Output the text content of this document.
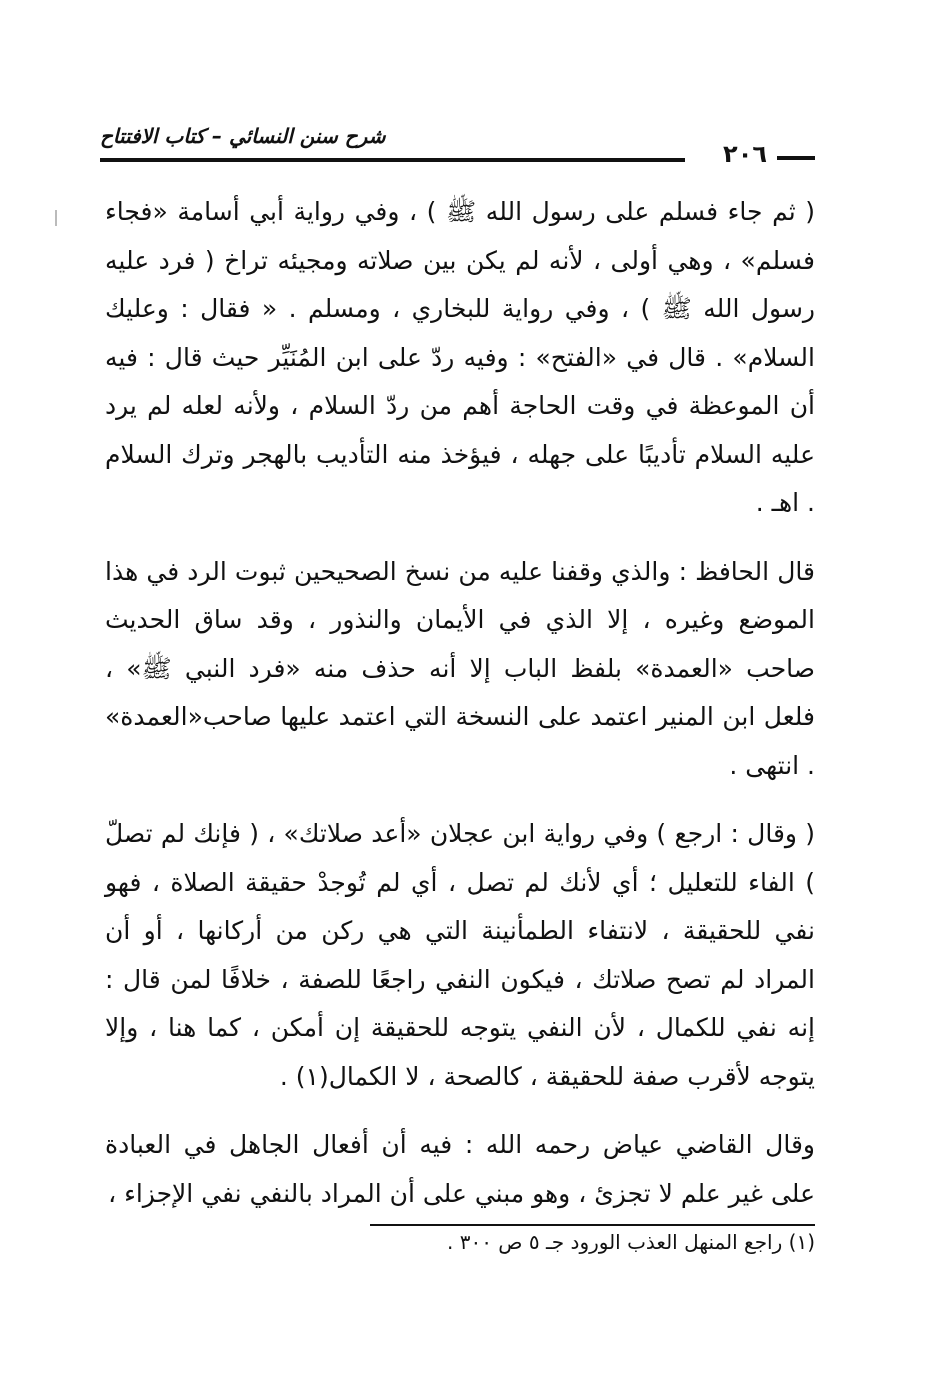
شرح سنن النسائي – كتاب الافتتاح
٢٠٦

( ثم جاء فسلم على رسول الله ﷺ ) ، وفي رواية أبي أسامة «فجاء فسلم» ، وهي أولى ، لأنه لم يكن بين صلاته ومجيئه تراخ ( فرد عليه رسول الله ﷺ ) ، وفي رواية للبخاري ، ومسلم . « فقال : وعليك السلام» . قال في «الفتح» : وفيه ردّ على ابن المُنَيِّر حيث قال : فيه أن الموعظة في وقت الحاجة أهم من ردّ السلام ، ولأنه لعله لم يرد عليه السلام تأديبًا على جهله ، فيؤخذ منه التأديب بالهجر وترك السلام . اهـ .

قال الحافظ : والذي وقفنا عليه من نسخ الصحيحين ثبوت الرد في هذا الموضع وغيره ، إلا الذي في الأيمان والنذور ، وقد ساق الحديث صاحب «العمدة» بلفظ الباب إلا أنه حذف منه «فرد النبي ﷺ» ، فلعل ابن المنير اعتمد على النسخة التي اعتمد عليها صاحب«العمدة» . انتهى .

( وقال : ارجع ) وفي رواية ابن عجلان «أعد صلاتك» ، ( فإنك لم تصلّ ) الفاء للتعليل ؛ أي لأنك لم تصل ، أي لم تُوجدْ حقيقة الصلاة ، فهو نفي للحقيقة ، لانتفاء الطمأنينة التي هي ركن من أركانها ، أو أن المراد لم تصح صلاتك ، فيكون النفي راجعًا للصفة ، خلافًا لمن قال : إنه نفي للكمال ، لأن النفي يتوجه للحقيقة إن أمكن ، كما هنا ، وإلا يتوجه لأقرب صفة للحقيقة ، كالصحة ، لا الكمال(١) .

وقال القاضي عياض رحمه الله : فيه أن أفعال الجاهل في العبادة على غير علم لا تجزئ ، وهو مبني على أن المراد بالنفي نفي الإجزاء ،

(١) راجع المنهل العذب الورود جـ ٥ ص ٣٠٠ .
